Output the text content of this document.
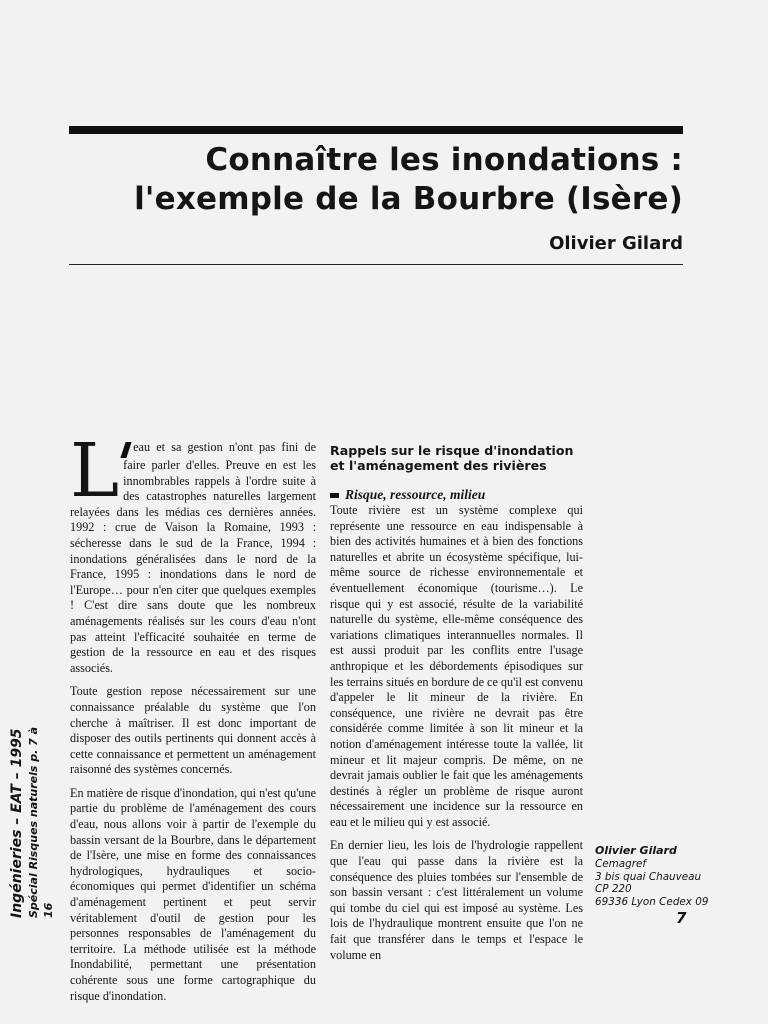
Connaître les inondations :
l'exemple de la Bourbre (Isère)
Olivier Gilard

L eau et sa gestion n'ont pas fini de faire parler d'elles. Preuve en est les innombrables rappels à l'ordre suite à des catastrophes naturelles largement relayées dans les médias ces dernières années. 1992 : crue de Vaison la Romaine, 1993 : sécheresse dans le sud de la France, 1994 : inondations généralisées dans le nord de la France, 1995 : inondations dans le nord de l'Europe… pour n'en citer que quelques exemples ! C'est dire sans doute que les nombreux aménagements réalisés sur les cours d'eau n'ont pas atteint l'efficacité souhaitée en terme de gestion de la ressource en eau et des risques associés.

Toute gestion repose nécessairement sur une connaissance préalable du système que l'on cherche à maîtriser. Il est donc important de disposer des outils pertinents qui donnent accès à cette connaissance et permettent un aménagement raisonné des systèmes concernés.

En matière de risque d'inondation, qui n'est qu'une partie du problème de l'aménagement des cours d'eau, nous allons voir à partir de l'exemple du bassin versant de la Bourbre, dans le département de l'Isère, une mise en forme des connaissances hydrologiques, hydrauliques et socio-économiques qui permet d'identifier un schéma d'aménagement pertinent et peut servir véritablement d'outil de gestion pour les personnes responsables de l'aménagement du territoire. La méthode utilisée est la méthode Inondabilité, permettant une présentation cohérente sous une forme cartographique du risque d'inondation.

Rappels sur le risque d'inondation et l'aménagement des rivières
Risque, ressource, milieu

Toute rivière est un système complexe qui représente une ressource en eau indispensable à bien des activités humaines et à bien des fonctions naturelles et abrite un écosystème spécifique, lui-même source de richesse environnementale et éventuellement économique (tourisme…). Le risque qui y est associé, résulte de la variabilité naturelle du système, elle-même conséquence des variations climatiques interannuelles normales. Il est aussi produit par les conflits entre l'usage anthropique et les débordements épisodiques sur les terrains situés en bordure de ce qu'il est convenu d'appeler le lit mineur de la rivière. En conséquence, une rivière ne devrait pas être considérée comme limitée à son lit mineur et la notion d'aménagement intéresse toute la vallée, lit mineur et lit majeur compris. De même, on ne devrait jamais oublier le fait que les aménagements destinés à régler un problème de risque auront nécessairement une incidence sur la ressource en eau et le milieu qui y est associé.

En dernier lieu, les lois de l'hydrologie rappellent que l'eau qui passe dans la rivière est la conséquence des pluies tombées sur l'ensemble de son bassin versant : c'est littéralement un volume qui tombe du ciel qui est imposé au système. Les lois de l'hydraulique montrent ensuite que l'on ne fait que transférer dans le temps et l'espace le volume en

Ingénieries – EAT – 1995 Spécial Risques naturels p. 7 à 16
Olivier Gilard
Cemagref
3 bis quai Chauveau
CP 220
69336 Lyon Cedex 09
7
